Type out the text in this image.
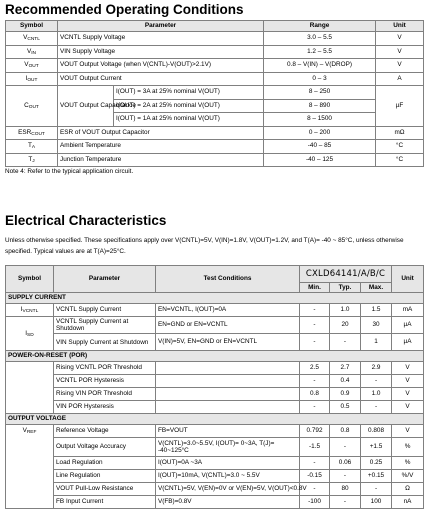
Recommended Operating Conditions
Symbol	Parameter		Range	Unit
$V_{CNTL}$	VCNTL Supply Voltage		3.0 – 5.5	V
$V_{IN}$	VIN Supply Voltage		1.2 – 5.5	V
$V_{OUT}$	VOUT Output Voltage (when V(CNTL)-V(OUT)>2.1V)		0.8 – V(IN) – V(DROP)	V
$I_{OUT}$	VOUT Output Current		0 – 3	A
$C_{OUT}$	VOUT Output Capacitance	I(OUT) = 3A at 25% nominal V(OUT)	8 – 250	µF
		I(OUT) = 2A at 25% nominal V(OUT)	8 – 890	
		I(OUT) = 1A at 25% nominal V(OUT)	8 – 1500	
$ESR_{COUT}$	ESR of VOUT Output Capacitor		0 – 200	mΩ
$T_A$	Ambient Temperature		-40 – 85	°C
$T_J$	Junction Temperature		-40 – 125	°C

Note 4: Refer to the typical application circuit.

Electrical Characteristics

Unless otherwise specified. These specifications apply over V(CNTL)=5V, V(IN)=1.8V, V(OUT)=1.2V, and T(A)= -40 ~ 85°C, unless otherwise specified. Typical values are at T(A)=25°C.

Symbol	Parameter	Test Conditions	CXLD64141/A/B/C			Unit
			Min.	Typ.	Max.	
SUPPLY CURRENT						
$I_{VCNTL}$	VCNTL Supply Current	EN=VCNTL, I(OUT)=0A	-	1.0	1.5	mA
$I_{SD}$	VCNTL Supply Current at Shutdown	EN=GND or EN=VCNTL	-	20	30	µA
	VIN Supply Current at Shutdown	V(IN)=5V, EN=GND or EN=VCNTL	-	-	1	µA
POWER-ON-RESET (POR)						
	Rising VCNTL POR Threshold		2.5	2.7	2.9	V
	VCNTL POR Hysteresis		-	0.4	-	V
	Rising VIN POR Threshold		0.8	0.9	1.0	V
	VIN POR Hysteresis		-	0.5	-	V
OUTPUT VOLTAGE						
$V_{REF}$	Reference Voltage	FB=VOUT	0.792	0.8	0.808	V
	Output Voltage Accuracy	V(CNTL)=3.0~5.5V, I(OUT)= 0~3A, T(J)= -40~125°C	-1.5	-	+1.5	%
	Load Regulation	I(OUT)=0A ~3A	-	0.06	0.25	%
	Line Regulation	I(OUT)=10mA, V(CNTL)=3.0 ~ 5.5V	-0.15	-	+0.15	%/V
	VOUT Pull-Low Resistance	V(CNTL)=5V, V(EN)=0V or V(EN)=5V, V(OUT)<0.8V	-	80	-	Ω
	FB Input Current	V(FB)=0.8V	-100	-	100	nA
